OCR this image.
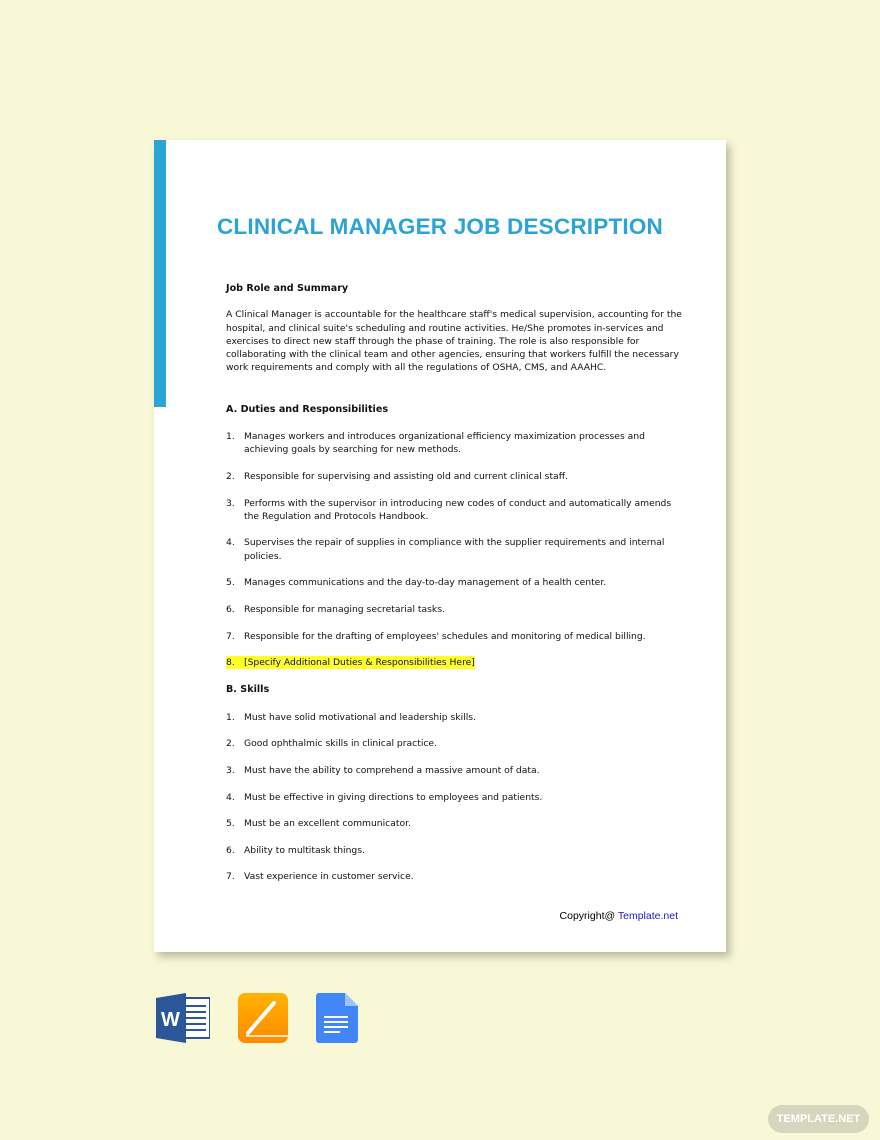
CLINICAL MANAGER JOB DESCRIPTION
Job Role and Summary

A Clinical Manager is accountable for the healthcare staff's medical supervision, accounting for the hospital, and clinical suite's scheduling and routine activities. He/She promotes in-services and exercises to direct new staff through the phase of training. The role is also responsible for collaborating with the clinical team and other agencies, ensuring that workers fulfill the necessary work requirements and comply with all the regulations of OSHA, CMS, and AAAHC.

A. Duties and Responsibilities
1.	Manages workers and introduces organizational efficiency maximization processes and achieving goals by searching for new methods.
2.	Responsible for supervising and assisting old and current clinical staff.
3.	Performs with the supervisor in introducing new codes of conduct and automatically amends the Regulation and Protocols Handbook.
4.	Supervises the repair of supplies in compliance with the supplier requirements and internal policies.
5.	Manages communications and the day-to-day management of a health center.
6.	Responsible for managing secretarial tasks.
7.	Responsible for the drafting of employees' schedules and monitoring of medical billing.
8.	[Specify Additional Duties & Responsibilities Here]
B. Skills
1.	Must have solid motivational and leadership skills.
2.	Good ophthalmic skills in clinical practice.
3.	Must have the ability to comprehend a massive amount of data.
4.	Must be effective in giving directions to employees and patients.
5.	Must be an excellent communicator.
6.	Ability to multitask things.
7.	Vast experience in customer service.
Copyright@ Template.net
W
TEMPLATE.NET
